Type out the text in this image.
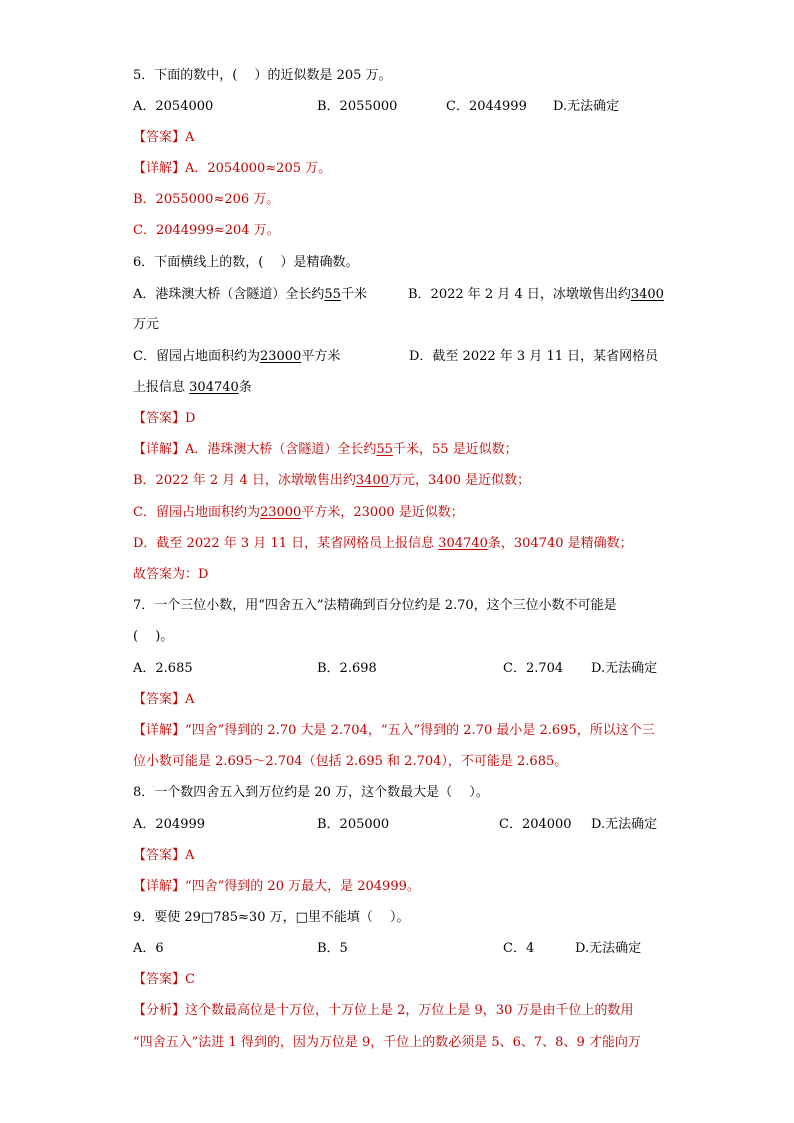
5．下面的数中，(　 ）的近似数是 205 万。
A．2054000	B．2055000	C．2044999 D.无法确定
【答案】A
【详解】A．2054000≈205 万。
B．2055000≈206 万。
C．2044999≈204 万。
6．下面横线上的数，(　 ）是精确数。
A．港珠澳大桥（含隧道）全长约55千米	B．2022 年 2 月 4 日，冰墩墩售出约3400
万元
C．留园占地面积约为23000平方米	D．截至 2022 年 3 月 11 日，某省网格员
上报信息 304740条
【答案】D
【详解】A．港珠澳大桥（含隧道）全长约55千米，55 是近似数；
B．2022 年 2 月 4 日，冰墩墩售出约3400万元，3400 是近似数；
C．留园占地面积约为23000平方米，23000 是近似数；
D．截至 2022 年 3 月 11 日，某省网格员上报信息 304740条，304740 是精确数；
故答案为：D
7．一个三位小数，用“四舍五入”法精确到百分位约是 2.70，这个三位小数不可能是
(　 )。
A．2.685	B．2.698	C．2.704 D.无法确定
【答案】A
【详解】“四舍”得到的 2.70 大是 2.704，“五入”得到的 2.70 最小是 2.695，所以这个三
位小数可能是 2.695～2.704（包括 2.695 和 2.704），不可能是 2.685。
8．一个数四舍五入到万位约是 20 万，这个数最大是（　 ）。
A．204999	B．205000	C．204000 D.无法确定
【答案】A
【详解】“四舍”得到的 20 万最大，是 204999。
9．要使 29□785≈30 万，□里不能填（　 ）。
A．6	B．5	C．4	D.无法确定
【答案】C
【分析】这个数最高位是十万位，十万位上是 2，万位上是 9，30 万是由千位上的数用
“四舍五入”法进 1 得到的，因为万位是 9，千位上的数必须是 5、6、7、8、9 才能向万
